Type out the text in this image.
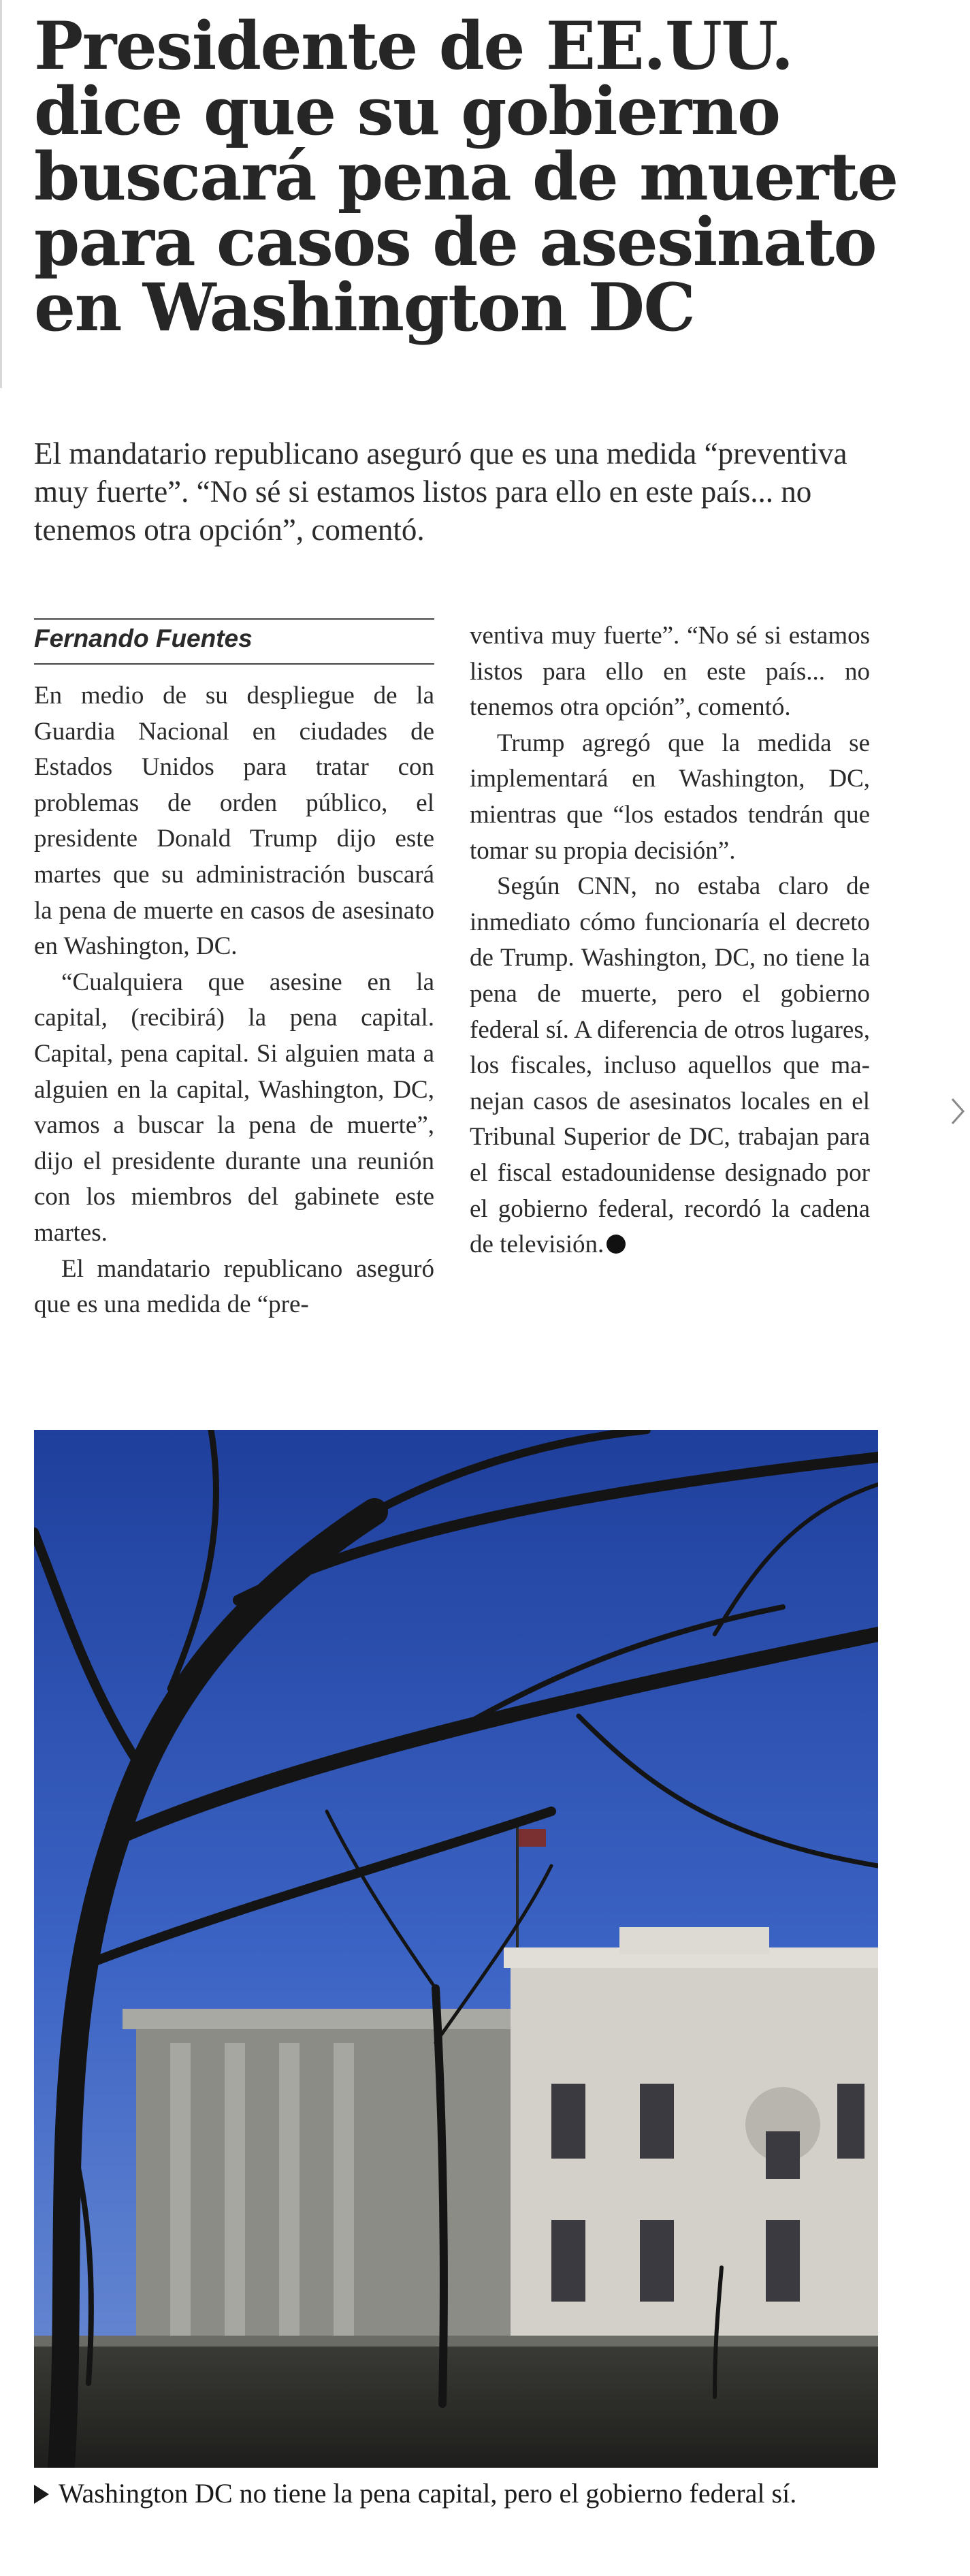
Presidente de EE.UU. dice que su gobierno buscará pena de muerte para casos de asesinato en Washington DC

El mandatario republicano aseguró que es una medida “preventiva muy fuerte”. “No sé si estamos listos para ello en este país... no tenemos otra opción”, comentó.

Fernando Fuentes

En medio de su despliegue de la Guardia Nacional en ciudades de Estados Unidos para tratar con problemas de orden público, el presidente Donald Trump dijo este martes que su administración buscará la pena de muerte en casos de asesinato en Washington, DC.

“Cualquiera que asesine en la capital, (recibirá) la pena capital. Capital, pena capital. Si alguien mata a alguien en la capital, Washington, DC, vamos a buscar la pena de muerte”, dijo el presidente durante una reunión con los miembros del gabinete este martes.

El mandatario republicano aseguró que es una medida de “pre-

ventiva muy fuerte”. “No sé si estamos listos para ello en este país... no tenemos otra opción”, comentó.

Trump agregó que la medida se implementará en Washington, DC, mientras que “los estados tendrán que tomar su propia decisión”.

Según CNN, no estaba claro de inmediato cómo funcionaría el decreto de Trump. Washington, DC, no tiene la pena de muerte, pero el gobierno federal sí. A diferencia de otros lugares, los fiscales, incluso aquellos que manejan casos de asesinatos locales en el Tribunal Superior de DC, trabajan para el fiscal estadounidense designado por el gobierno federal, recordó la cadena de televisión.

Washington DC no tiene la pena capital, pero el gobierno federal sí.
